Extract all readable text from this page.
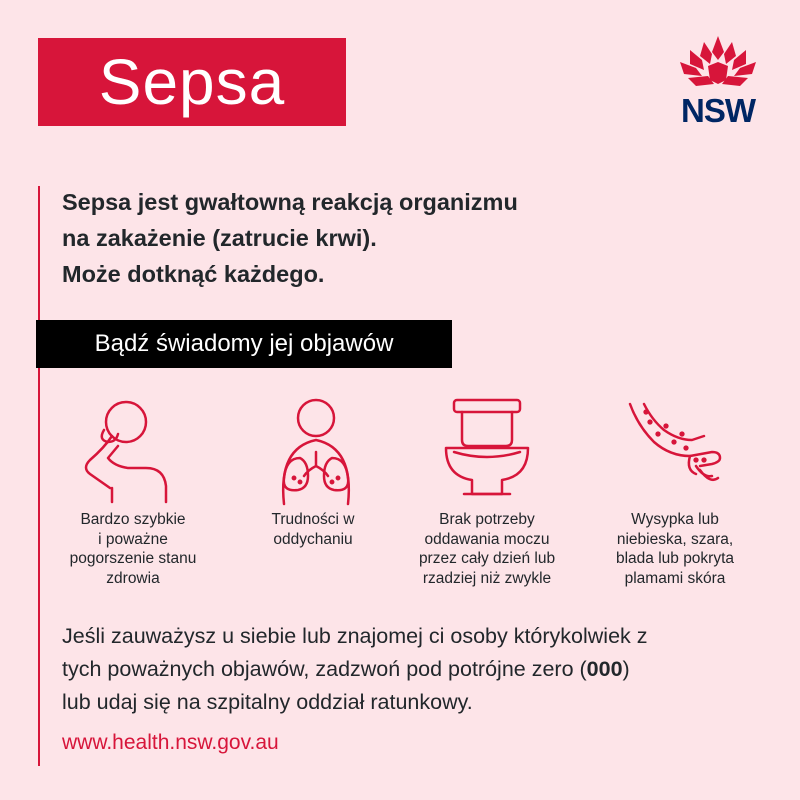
Sepsa	NSW
Sepsa jest gwałtowną reakcją organizmu
na zakażenie (zatrucie krwi).
Może dotknąć każdego.
Bądź świadomy jej objawów
Bardzo szybkie
i poważne
pogorszenie stanu
zdrowia
Trudności w
oddychaniu
Brak potrzeby
oddawania moczu
przez cały dzień lub
rzadziej niż zwykle
Wysypka lub
niebieska, szara,
blada lub pokryta
plamami skóra
Jeśli zauważysz u siebie lub znajomej ci osoby którykolwiek z
tych poważnych objawów, zadzwoń pod potrójne zero (000)
lub udaj się na szpitalny oddział ratunkowy.
www.health.nsw.gov.au
